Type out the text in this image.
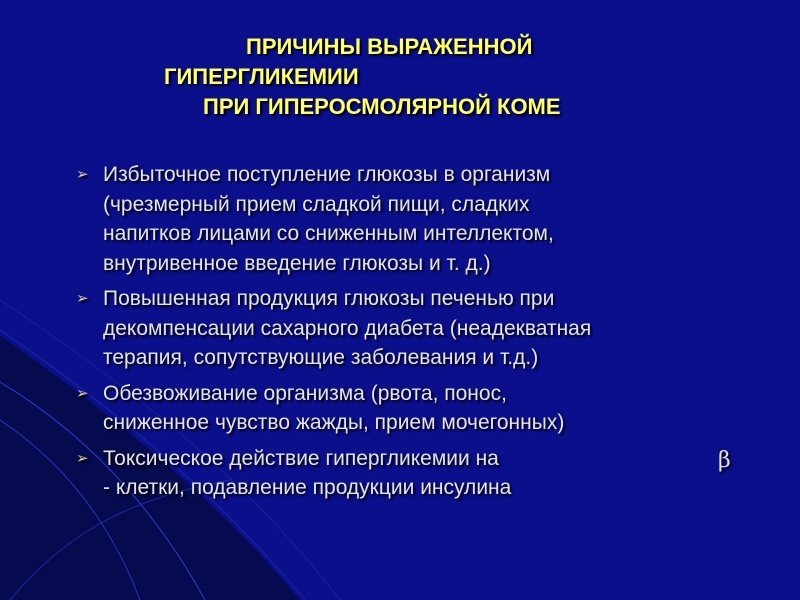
ПРИЧИНЫ ВЫРАЖЕННОЙ
ГИПЕРГЛИКЕМИИ
ПРИ ГИПЕРОСМОЛЯРНОЙ КОМЕ
➢ Избыточное поступление глюкозы в организм
(чрезмерный прием сладкой пищи, сладких
напитков лицами со сниженным интеллектом,
внутривенное введение глюкозы и т. д.)
➢ Повышенная продукция глюкозы печенью при
декомпенсации сахарного диабета (неадекватная
терапия, сопутствующие заболевания и т.д.)
➢ Обезвоживание организма (рвота, понос,
сниженное чувство жажды, прием мочегонных)
➢ Токсическое действие гипергликемии на
- клетки, подавление продукции инсулина
β
